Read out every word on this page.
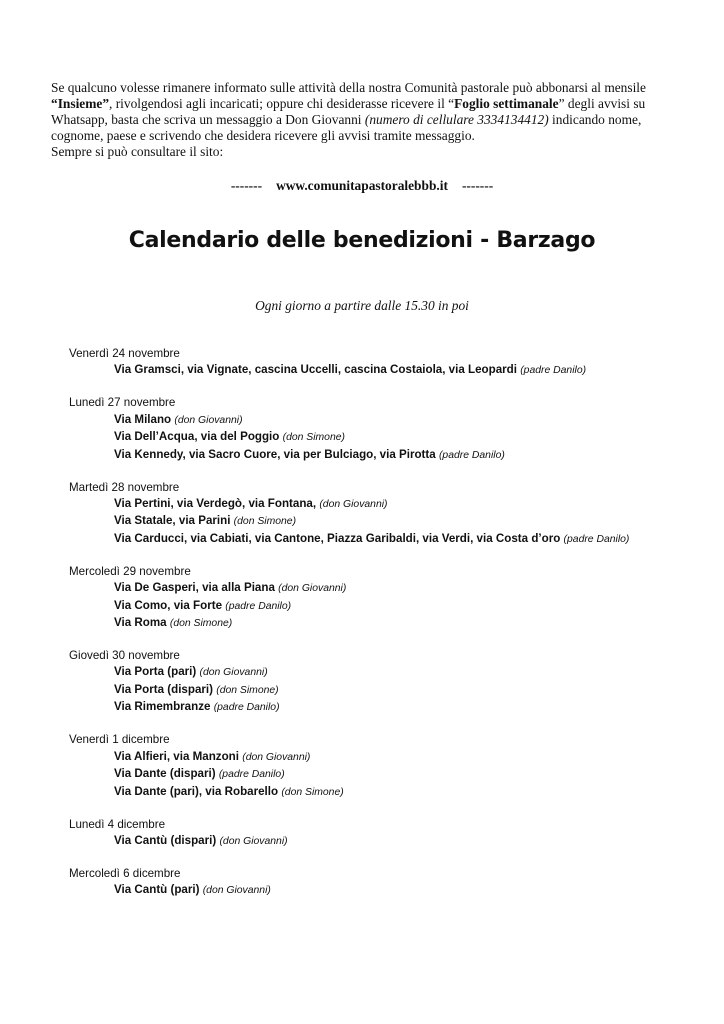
Se qualcuno volesse rimanere informato sulle attività della nostra Comunità pastorale può abbonarsi al mensile “Insieme”, rivolgendosi agli incaricati; oppure chi desiderasse ricevere il “Foglio settimanale” degli avvisi su Whatsapp, basta che scriva un messaggio a Don Giovanni (numero di cellulare 3334134412) indicando nome, cognome, paese e scrivendo che desidera ricevere gli avvisi tramite messaggio.

Sempre si può consultare il sito:

------- www.comunitapastoralebbb.it -------
Calendario delle benedizioni - Barzago
Ogni giorno a partire dalle 15.30 in poi
Venerdì 24 novembre
Via Gramsci, via Vignate, cascina Uccelli, cascina Costaiola, via Leopardi (padre Danilo)
Lunedì 27 novembre
Via Milano (don Giovanni)
Via Dell’Acqua, via del Poggio (don Simone)
Via Kennedy, via Sacro Cuore, via per Bulciago, via Pirotta (padre Danilo)
Martedì 28 novembre
Via Pertini, via Verdegò, via Fontana, (don Giovanni)
Via Statale, via Parini (don Simone)
Via Carducci, via Cabiati, via Cantone, Piazza Garibaldi, via Verdi, via Costa d’oro (padre Danilo)
Mercoledì 29 novembre
Via De Gasperi, via alla Piana (don Giovanni)
Via Como, via Forte (padre Danilo)
Via Roma (don Simone)
Giovedì 30 novembre
Via Porta (pari) (don Giovanni)
Via Porta (dispari) (don Simone)
Via Rimembranze (padre Danilo)
Venerdì 1 dicembre
Via Alfieri, via Manzoni (don Giovanni)
Via Dante (dispari) (padre Danilo)
Via Dante (pari), via Robarello (don Simone)
Lunedì 4 dicembre
Via Cantù (dispari) (don Giovanni)
Mercoledì 6 dicembre
Via Cantù (pari) (don Giovanni)
